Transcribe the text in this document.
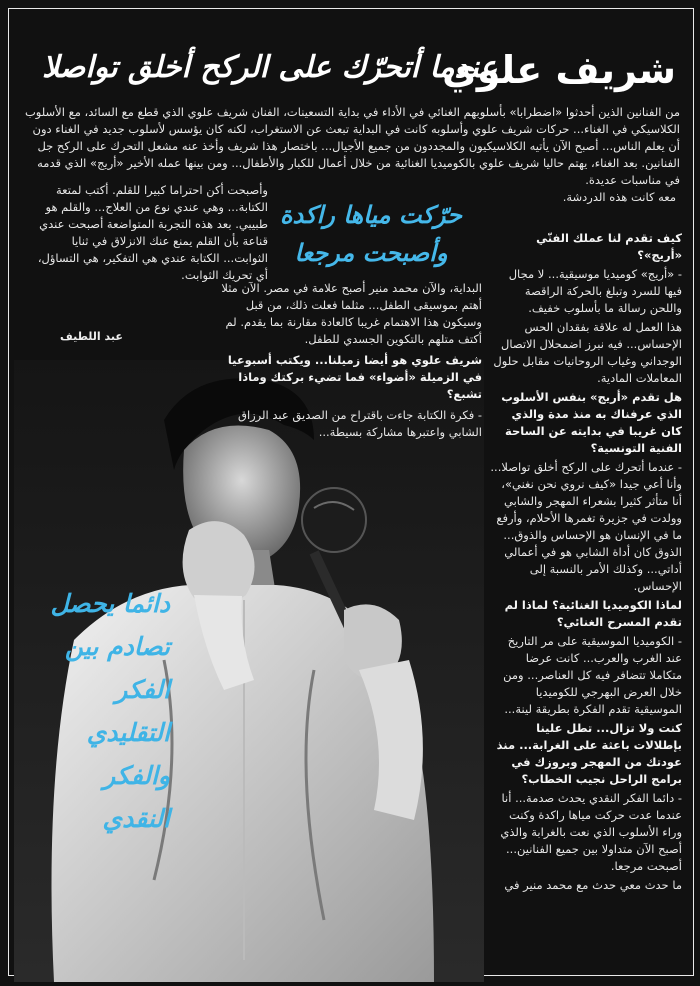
شريف علوي
عندما أتحرّك على الركح أخلق تواصلا
من الفنانين الذين أحدثوا «اضطرابا» بأسلوبهم الغنائي في الأداء في بداية التسعينات، الفنان شريف علوي الذي قطع مع السائد، مع الأسلوب الكلاسيكي في الغناء... حركات شريف علوي وأسلوبه كانت في البداية تبعث عن الاستغراب، لكنه كان يؤسس لأسلوب جديد في الغناء دون أن يعلم الناس... أصبح الآن يأتيه الكلاسيكيون والمجددون من جميع الأجيال... باختصار هذا شريف وأخذ عنه مشعل التحرك على الركح جل الفنانين. بعد الغناء، يهتم حاليا شريف علوي بالكوميديا الغنائية من خلال أعمال للكبار والأطفال... ومن بينها عمله الأخير «أريج» الذي قدمه في مناسبات عديدة.
معه كانت هذه الدردشة.
حرّكت مياها راكدة
وأصبحت مرجعا

وأصبحت أكن احتراما كبيرا للقلم. أكتب لمتعة الكتابة... وهي عندي نوع من العلاج... والقلم هو طبيبي. بعد هذه التجربة المتواضعة أصبحت عندي قناعة بأن القلم يمنع عنك الانزلاق في ثنايا الثوابت... الكتابة عندي هي التفكير، هي التساؤل، أي تحريك الثوابت.

عبد اللطيف
دائما يحصل
تصادم بين
الفكر
التقليدي
والفكر
النقدي

البداية، والآن محمد منير أصبح علامة في مصر. الآن مثلا أهتم بموسيقى الطفل... مثلما فعلت ذلك، من قبل وسيكون هذا الاهتمام غريبا كالعادة مقارنة بما يقدم. لم أكتف متلهم بالتكوين الجسدي للطفل.

شريف علوي هو أيضا زميلنا... ويكتب أسبوعيا في الزميلة «أضواء» فما تضيء بركتك وماذا تشبع؟

- فكرة الكتابة جاءت باقتراح من الصديق عبد الرزاق الشابي واعتبرها مشاركة بسيطة...

كيف تقدم لنا عملك الفنّي «أريج»؟

- «أريج» كوميديا موسيقية... لا مجال فيها للسرد وتبلغ بالحركة الراقصة واللحن رسالة ما بأسلوب خفيف.

هذا العمل له علاقة بفقدان الحس الإحساس... فيه نبرز اضمحلال الاتصال الوجداني وغياب الروحانيات مقابل حلول المعاملات المادية.

هل تقدم «أريج» بنفس الأسلوب الذي عرفناك به منذ مدة والذي كان غريبا في بدايته عن الساحة الفنية التونسية؟

- عندما أتحرك على الركح أخلق تواصلا... وأنا أعي جيدا «كيف نروي نحن نغني»، أنا متأثر كثيرا بشعراء المهجر والشابي وولدت في جزيرة تغمرها الأحلام، وأرفع ما في الإنسان هو الإحساس والذوق... الذوق كان أداة الشابي هو في أعمالي أداتي... وكذلك الأمر بالنسبة إلى الإحساس.

لماذا الكوميديا الغنائية؟ لماذا لم تقدم المسرح الغنائي؟

- الكوميديا الموسيقية على مر التاريخ عند الغرب والعرب... كانت عرضا متكاملا تتضافر فيه كل العناصر... ومن خلال العرض البهرجي للكوميديا الموسيقية تقدم الفكرة بطريقة لينة...

كنت ولا تزال... تطل علينا بإطلالات باعثة على الغرابة... منذ عودتك من المهجر وبروزك في برامج الراحل نجيب الخطاب؟

- دائما الفكر النقدي يحدث صدمة... أنا عندما عدت حركت مياها راكدة وكنت وراء الأسلوب الذي نعت بالغرابة والذي أصبح الآن متداولا بين جميع الفنانين... أصبحت مرجعا.

ما حدث معي حدث مع محمد منير في
